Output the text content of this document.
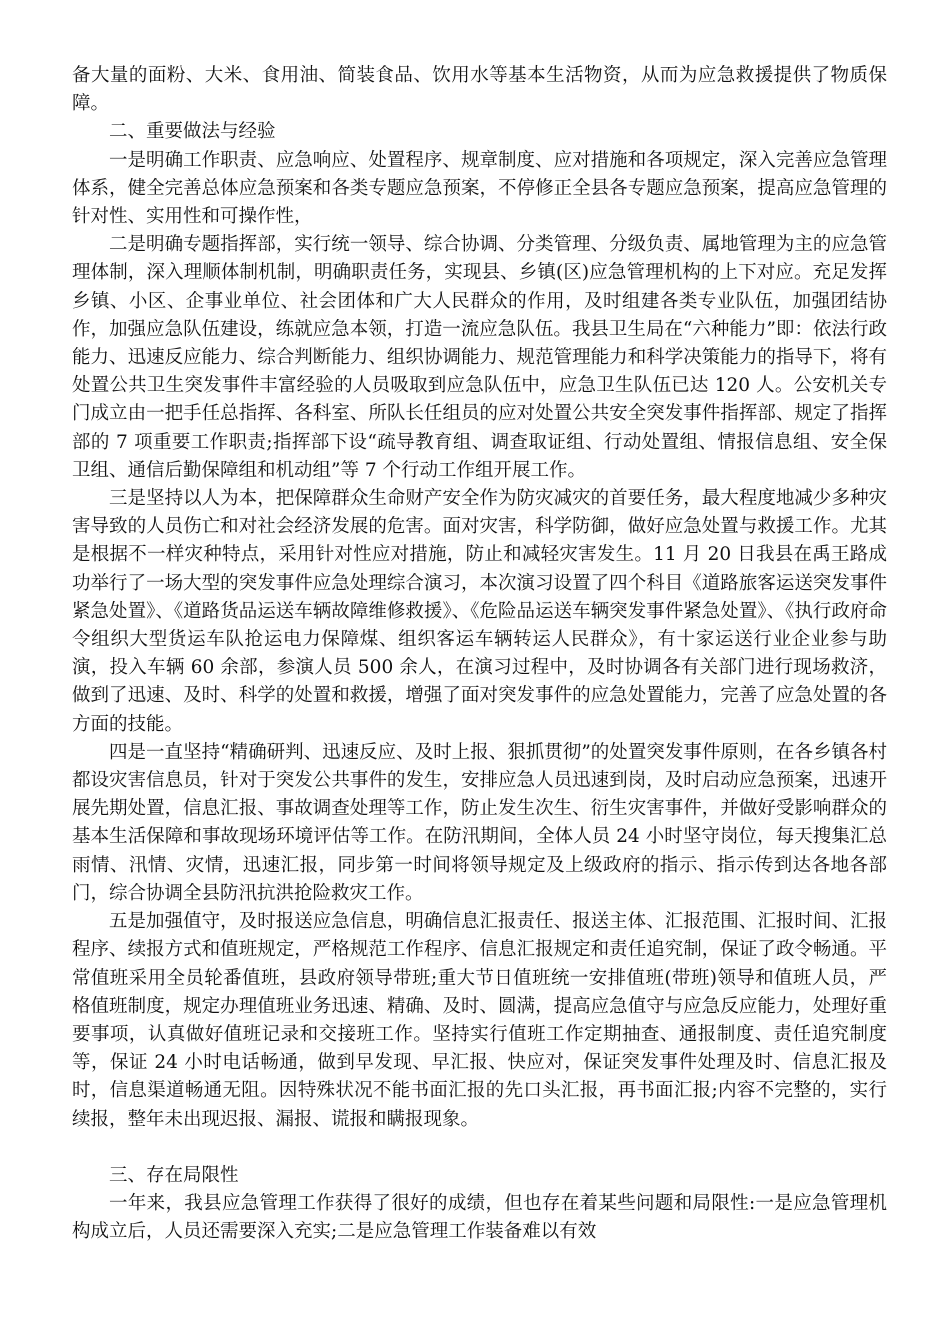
备大量的面粉、大米、食用油、简装食品、饮用水等基本生活物资，从而为应急救援提供了物质保障。

二、重要做法与经验

一是明确工作职责、应急响应、处置程序、规章制度、应对措施和各项规定，深入完善应急管理体系，健全完善总体应急预案和各类专题应急预案，不停修正全县各专题应急预案，提高应急管理的针对性、实用性和可操作性，

二是明确专题指挥部，实行统一领导、综合协调、分类管理、分级负责、属地管理为主的应急管理体制，深入理顺体制机制，明确职责任务，实现县、乡镇(区)应急管理机构的上下对应。充足发挥乡镇、小区、企事业单位、社会团体和广大人民群众的作用，及时组建各类专业队伍，加强团结协作，加强应急队伍建设，练就应急本领，打造一流应急队伍。我县卫生局在“六种能力”即：依法行政能力、迅速反应能力、综合判断能力、组织协调能力、规范管理能力和科学决策能力的指导下，将有处置公共卫生突发事件丰富经验的人员吸取到应急队伍中，应急卫生队伍已达 120 人。公安机关专门成立由一把手任总指挥、各科室、所队长任组员的应对处置公共安全突发事件指挥部、规定了指挥部的 7 项重要工作职责;指挥部下设“疏导教育组、调查取证组、行动处置组、情报信息组、安全保卫组、通信后勤保障组和机动组”等 7 个行动工作组开展工作。

三是坚持以人为本，把保障群众生命财产安全作为防灾减灾的首要任务，最大程度地减少多种灾害导致的人员伤亡和对社会经济发展的危害。面对灾害，科学防御，做好应急处置与救援工作。尤其是根据不一样灾种特点，采用针对性应对措施，防止和减轻灾害发生。11 月 20 日我县在禹王路成功举行了一场大型的突发事件应急处理综合演习，本次演习设置了四个科目《道路旅客运送突发事件紧急处置》、《道路货品运送车辆故障维修救援》、《危险品运送车辆突发事件紧急处置》、《执行政府命令组织大型货运车队抢运电力保障煤、组织客运车辆转运人民群众》，有十家运送行业企业参与助演，投入车辆 60 余部，参演人员 500 余人，在演习过程中，及时协调各有关部门进行现场救济，做到了迅速、及时、科学的处置和救援，增强了面对突发事件的应急处置能力，完善了应急处置的各方面的技能。

四是一直坚持“精确研判、迅速反应、及时上报、狠抓贯彻”的处置突发事件原则，在各乡镇各村都设灾害信息员，针对于突发公共事件的发生，安排应急人员迅速到岗，及时启动应急预案，迅速开展先期处置，信息汇报、事故调查处理等工作，防止发生次生、衍生灾害事件，并做好受影响群众的基本生活保障和事故现场环境评估等工作。在防汛期间，全体人员 24 小时坚守岗位，每天搜集汇总雨情、汛情、灾情，迅速汇报，同步第一时间将领导规定及上级政府的指示、指示传到达各地各部门，综合协调全县防汛抗洪抢险救灾工作。

五是加强值守，及时报送应急信息，明确信息汇报责任、报送主体、汇报范围、汇报时间、汇报程序、续报方式和值班规定，严格规范工作程序、信息汇报规定和责任追究制，保证了政令畅通。平常值班采用全员轮番值班，县政府领导带班;重大节日值班统一安排值班(带班)领导和值班人员，严格值班制度，规定办理值班业务迅速、精确、及时、圆满，提高应急值守与应急反应能力，处理好重要事项，认真做好值班记录和交接班工作。坚持实行值班工作定期抽查、通报制度、责任追究制度等，保证 24 小时电话畅通，做到早发现、早汇报、快应对，保证突发事件处理及时、信息汇报及时，信息渠道畅通无阻。因特殊状况不能书面汇报的先口头汇报，再书面汇报;内容不完整的，实行续报，整年未出现迟报、漏报、谎报和瞒报现象。

三、存在局限性

一年来，我县应急管理工作获得了很好的成绩，但也存在着某些问题和局限性:一是应急管理机构成立后，人员还需要深入充实;二是应急管理工作装备难以有效
